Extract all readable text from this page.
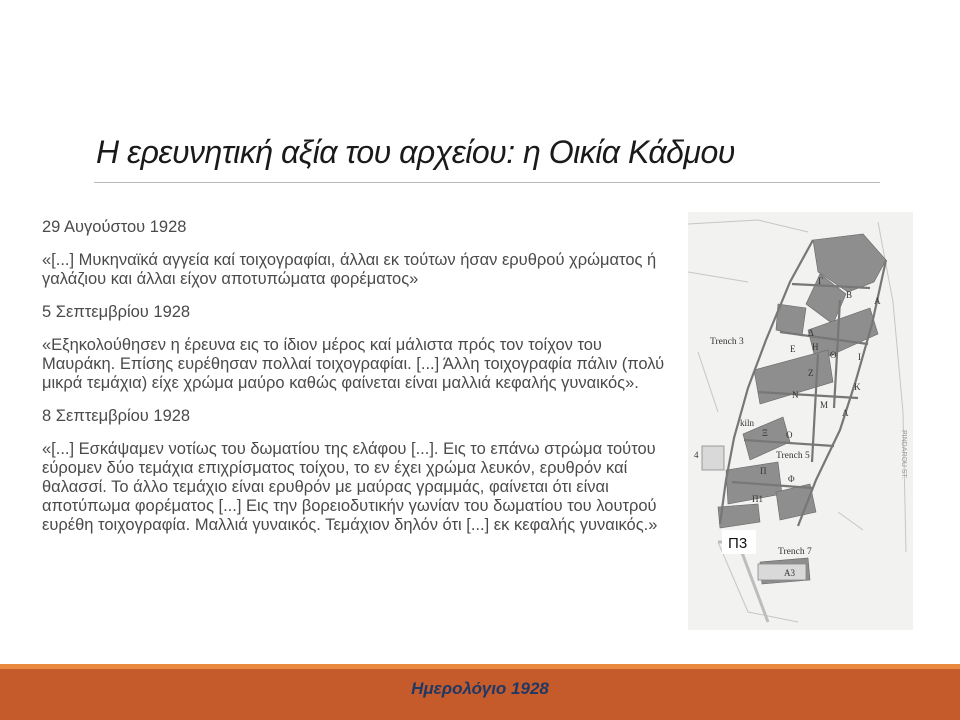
Η ερευνητική αξία του αρχείου: η Οικία Κάδμου

29 Αυγούστου 1928

«[...] Μυκηναϊκά αγγεία καί τοιχογραφίαι, άλλαι εκ τούτων ήσαν ερυθρού χρώματος ή γαλάζιου και άλλαι είχον αποτυπώματα φορέματος»

5 Σεπτεμβρίου 1928

«Εξηκολούθησεν η έρευνα εις το ίδιον μέρος καί μάλιστα πρός τον τοίχον του Μαυράκη. Επίσης ευρέθησαν πολλαί τοιχογραφίαι. [...] Άλλη τοιχογραφία πάλιν (πολύ μικρά τεμάχια) είχε χρώμα μαύρο καθώς φαίνεται είναι μαλλιά κεφαλής γυναικός».

8 Σεπτεμβρίου 1928

«[...] Εσκάψαμεν νοτίως του δωματίου της ελάφου [...]. Εις το επάνω στρώμα τούτου εύρομεν δύο τεμάχια επιχρίσματος τοίχου, το εν έχει χρώμα λευκόν, ερυθρόν καί θαλασσί. Το άλλο τεμάχιο είναι ερυθρόν με μαύρας γραμμάς, φαίνεται ότι είναι αποτύπωμα φορέματος [...] Εις την βορειοδυτικήν γωνίαν του δωματίου του λουτρού ευρέθη τοιχογραφία. Μαλλιά γυναικός. Τεμάχιον δηλόν ότι [...] εκ κεφαλής γυναικός.»

Trench 3
Trench 5
Trench 7
Γ
Β
Α
Δ
Η
Θ Ι
Ε
Ζ
Κ
Ν
Μ
Λ
Ξ Ο
Π
Φ
Π1
Α3
kiln
4	PINDAROU ST.
Π3
Ημερολόγιο 1928
